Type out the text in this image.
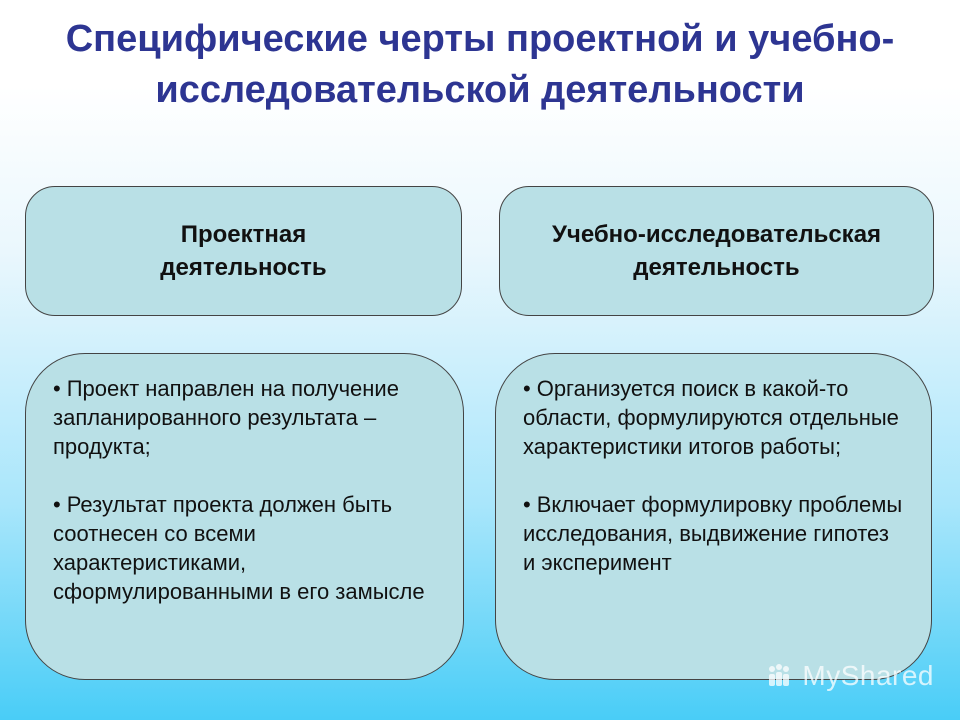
Специфические черты проектной и учебно-исследовательской деятельности
Проектная
деятельность
Учебно-исследовательская
деятельность
• Проект направлен на получение запланированного результата – продукта;
• Результат проекта должен быть соотнесен со всеми характеристиками, сформулированными в его замысле
• Организуется поиск в какой-то области, формулируются отдельные характеристики итогов работы;
• Включает формулировку проблемы исследования, выдвижение гипотез и эксперимент
MyShared
